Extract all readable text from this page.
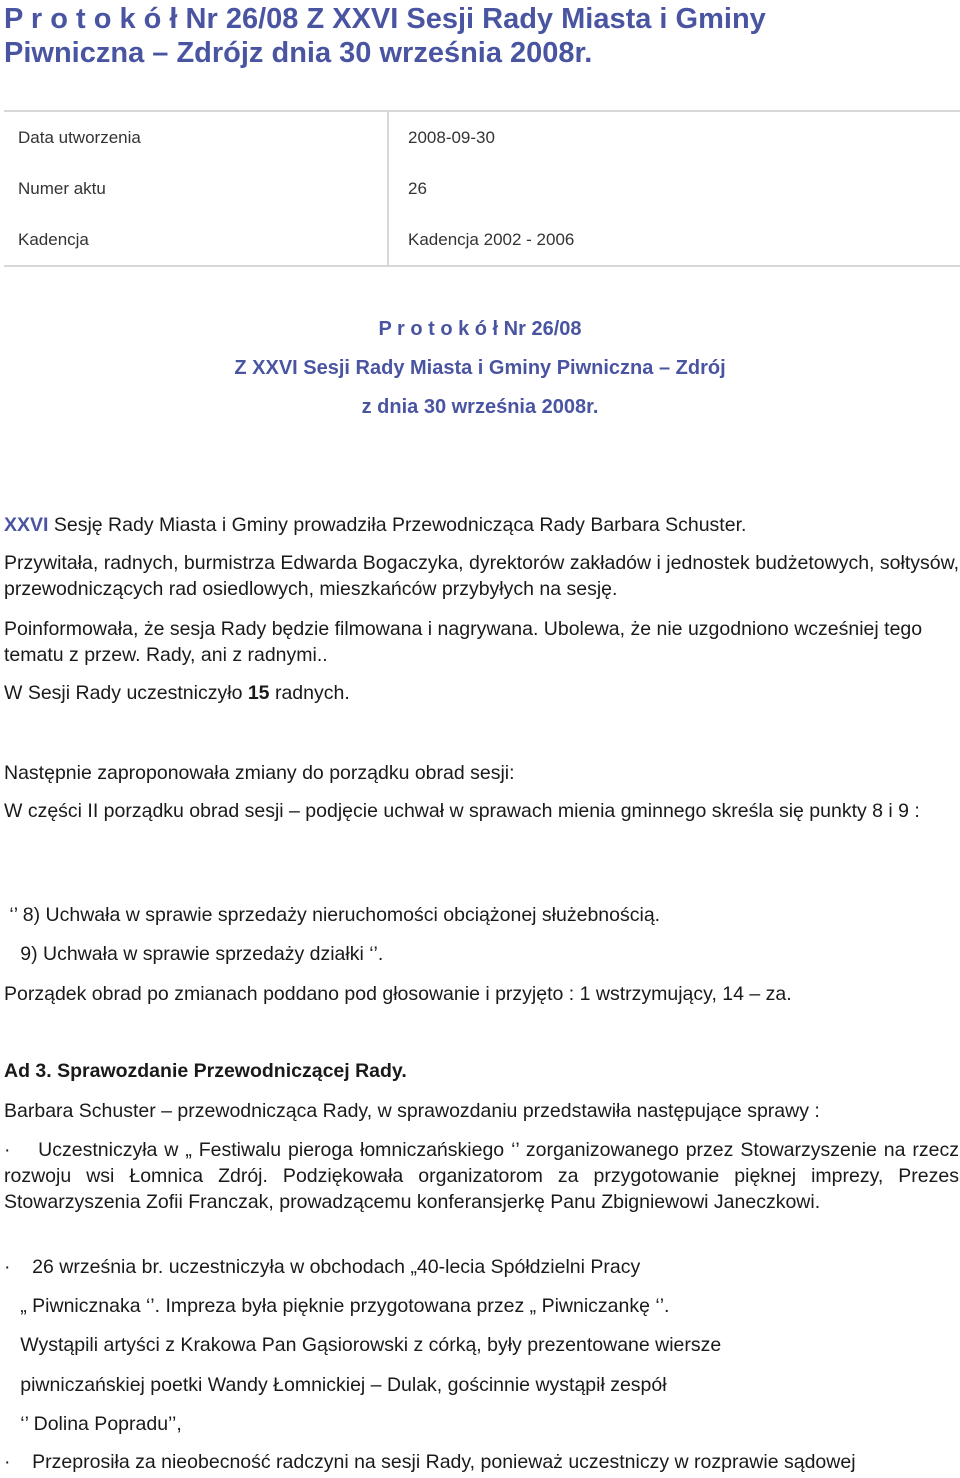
P r o t o k ó ł Nr 26/08 Z XXVI Sesji Rady Miasta i Gminy
Piwniczna – Zdrójz dnia 30 września 2008r.
Data utworzenia	2008-09-30
Numer aktu	26
Kadencja	Kadencja 2002 - 2006
P r o t o k ó ł Nr 26/08
Z XXVI Sesji Rady Miasta i Gminy Piwniczna – Zdrój
z dnia 30 września 2008r.
XXVI Sesję Rady Miasta i Gminy prowadziła Przewodnicząca Rady Barbara Schuster.
Przywitała, radnych, burmistrza Edwarda Bogaczyka, dyrektorów zakładów i jednostek budżetowych, sołtysów, przewodniczących rad osiedlowych, mieszkańców przybyłych na sesję.
Poinformowała, że sesja Rady będzie filmowana i nagrywana. Ubolewa, że nie uzgodniono wcześniej tego tematu z przew. Rady, ani z radnymi..
W Sesji Rady uczestniczyło 15 radnych.
Następnie zaproponowała zmiany do porządku obrad sesji:
W części II porządku obrad sesji – podjęcie uchwał w sprawach mienia gminnego skreśla się punkty 8 i 9 :
‘’ 8) Uchwała w sprawie sprzedaży nieruchomości obciążonej służebnością.
9) Uchwała w sprawie sprzedaży działki ‘’.
Porządek obrad po zmianach poddano pod głosowanie i przyjęto : 1 wstrzymujący, 14 – za.
Ad 3. Sprawozdanie Przewodniczącej Rady.
Barbara Schuster – przewodnicząca Rady, w sprawozdaniu przedstawiła następujące sprawy :
·    Uczestniczyła w „ Festiwalu pieroga łomniczańskiego ‘’ zorganizowanego przez Stowarzyszenie na rzecz rozwoju wsi Łomnica Zdrój. Podziękowała organizatorom za przygotowanie pięknej imprezy, Prezes Stowarzyszenia Zofii Franczak, prowadzącemu konferansjerkę Panu Zbigniewowi Janeczkowi.
·    26 września br. uczestniczyła w obchodach „40-lecia Spółdzielni Pracy
„ Piwnicznaka ‘’. Impreza była pięknie przygotowana przez „ Piwniczankę ‘’.
Wystąpili artyści z Krakowa Pan Gąsiorowski z córką, były prezentowane wiersze
piwniczańskiej poetki Wandy Łomnickiej – Dulak, gościnnie wystąpił zespół
‘’ Dolina Popradu’’,
·    Przeprosiła za nieobecność radczyni na sesji Rady, ponieważ uczestniczy w rozprawie sądowej
